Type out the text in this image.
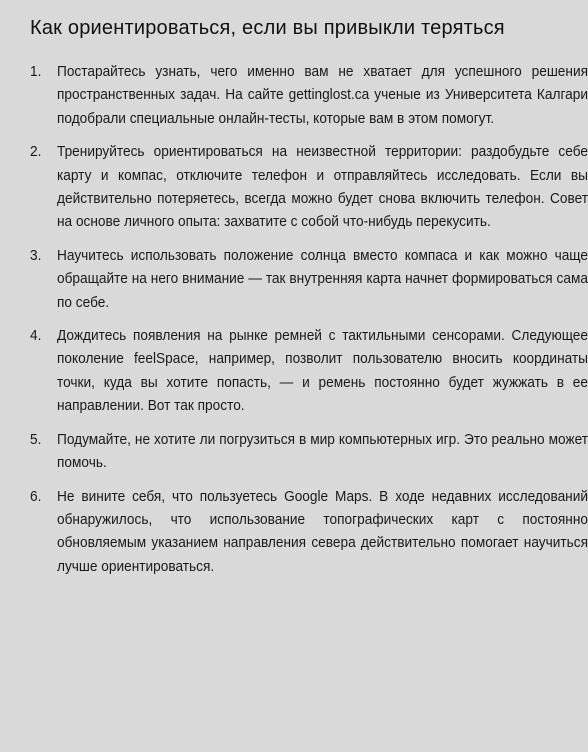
Как ориентироваться, если вы привыкли теряться
1. Постарайтесь узнать, чего именно вам не хватает для успешного решения пространственных задач. На сайте gettinglost.ca ученые из Университета Калгари подобрали специальные онлайн-тесты, которые вам в этом помогут.
2. Тренируйтесь ориентироваться на неизвестной территории: раздобудьте себе карту и компас, отключите телефон и отправляйтесь исследовать. Если вы действительно потеряетесь, всегда можно будет снова включить телефон. Совет на основе личного опыта: захватите с собой что-нибудь перекусить.
3. Научитесь использовать положение солнца вместо компаса и как можно чаще обращайте на него внимание — так внутренняя карта начнет формироваться сама по себе.
4. Дождитесь появления на рынке ремней с тактильными сенсорами. Следующее поколение feelSpace, например, позволит пользователю вносить координаты точки, куда вы хотите попасть, — и ремень постоянно будет жужжать в ее направлении. Вот так просто.
5. Подумайте, не хотите ли погрузиться в мир компьютерных игр. Это реально может помочь.
6. Не вините себя, что пользуетесь Google Maps. В ходе недавних исследований обнаружилось, что использование топографических карт с постоянно обновляемым указанием направления севера действительно помогает научиться лучше ориентироваться.
